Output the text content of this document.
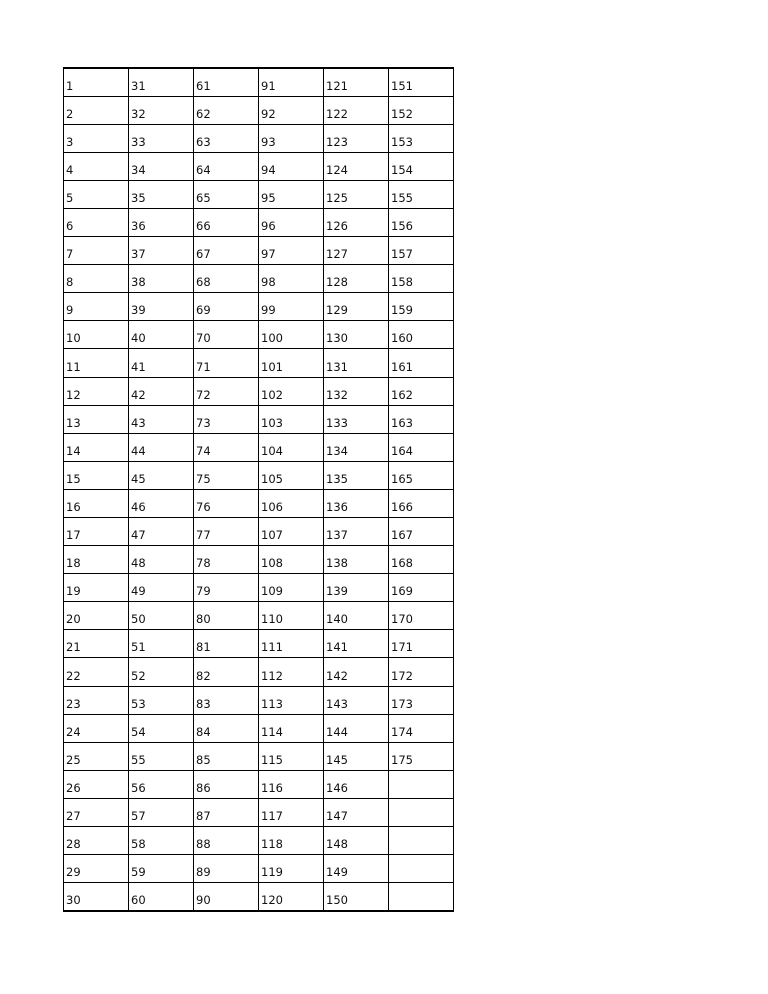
1	31	61	91	121	151
2	32	62	92	122	152
3	33	63	93	123	153
4	34	64	94	124	154
5	35	65	95	125	155
6	36	66	96	126	156
7	37	67	97	127	157
8	38	68	98	128	158
9	39	69	99	129	159
10	40	70	100	130	160
11	41	71	101	131	161
12	42	72	102	132	162
13	43	73	103	133	163
14	44	74	104	134	164
15	45	75	105	135	165
16	46	76	106	136	166
17	47	77	107	137	167
18	48	78	108	138	168
19	49	79	109	139	169
20	50	80	110	140	170
21	51	81	111	141	171
22	52	82	112	142	172
23	53	83	113	143	173
24	54	84	114	144	174
25	55	85	115	145	175
26	56	86	116	146	
27	57	87	117	147	
28	58	88	118	148	
29	59	89	119	149	
30	60	90	120	150	
